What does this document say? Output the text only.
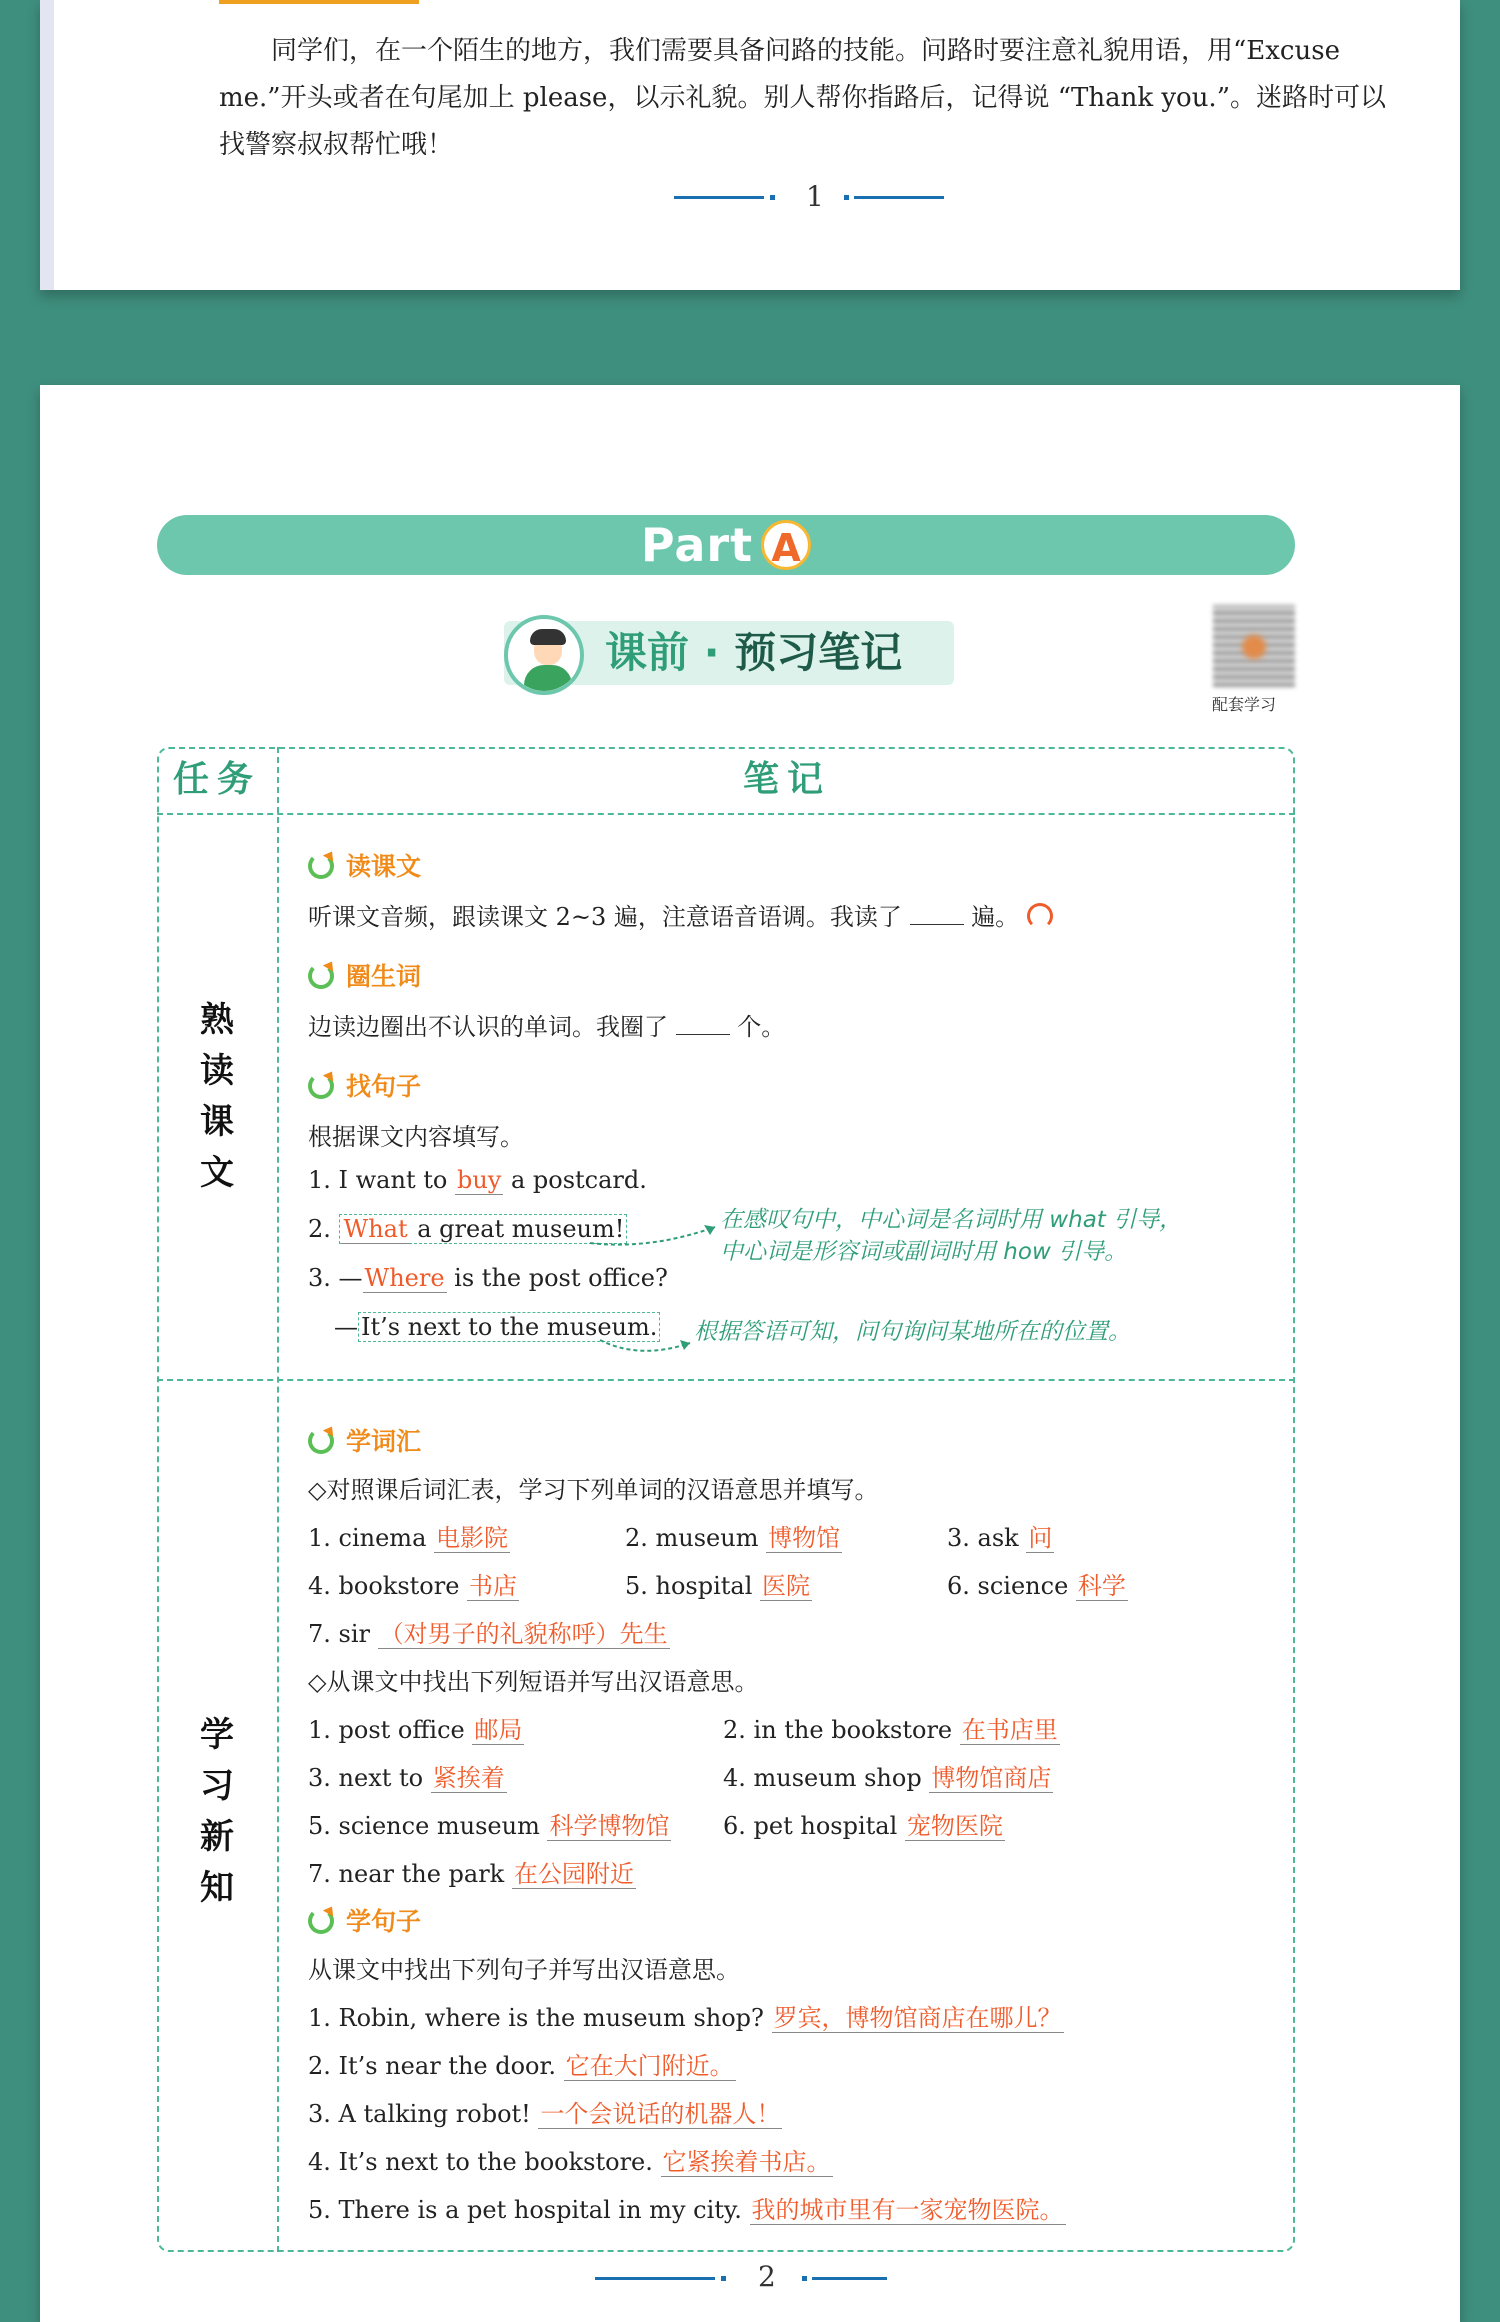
同学们，在一个陌生的地方，我们需要具备问路的技能。问路时要注意礼貌用语，用“Excuse me.”开头或者在句尾加上 please，以示礼貌。别人帮你指路后，记得说 “Thank you.”。迷路时可以找警察叔叔帮忙哦！

1
Part A
课前 · 预习笔记
配套学习
任务	笔记
熟
读
课
文
学
习
新
知
读课文
听课文音频，跟读课文 2~3 遍，注意语音语调。我读了	遍。
圈生词
边读边圈出不认识的单词。我圈了	个。
找句子
根据课文内容填写。
1. I want to buy a postcard.
2. What a great museum!
3. —Where is the post office?
— It’s next to the museum.
在感叹句中，中心词是名词时用 what 引导，
中心词是形容词或副词时用 how 引导。
根据答语可知，问句询问某地所在的位置。
学词汇
◇对照课后词汇表，学习下列单词的汉语意思并填写。
1. cinema 电影院	2. museum 博物馆	3. ask 问
4. bookstore 书店	5. hospital 医院	6. science 科学
7. sir （对男子的礼貌称呼）先生
◇从课文中找出下列短语并写出汉语意思。
1. post office 邮局	2. in the bookstore 在书店里
3. next to 紧挨着	4. museum shop 博物馆商店
5. science museum 科学博物馆 6. pet hospital 宠物医院
7. near the park 在公园附近
学句子
从课文中找出下列句子并写出汉语意思。
1. Robin, where is the museum shop? 罗宾，博物馆商店在哪儿？
2. It’s near the door. 它在大门附近。
3. A talking robot! 一个会说话的机器人！
4. It’s next to the bookstore. 它紧挨着书店。
5. There is a pet hospital in my city. 我的城市里有一家宠物医院。
2
